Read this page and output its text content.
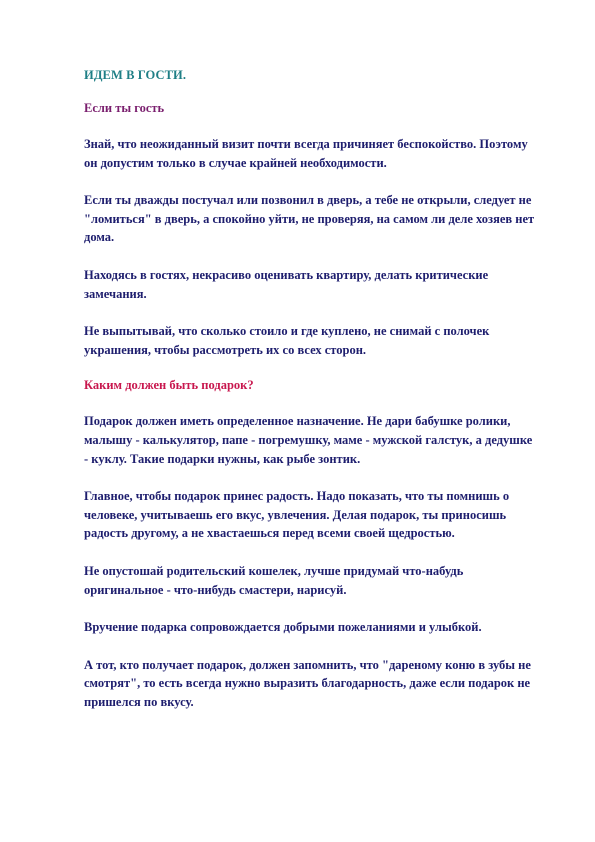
ИДЕМ В ГОСТИ.
Если ты гость

Знай, что неожиданный визит почти всегда причиняет беспокойство. Поэтому он допустим только в случае крайней необходимости.

Если ты дважды постучал или позвонил в дверь, а тебе не открыли, следует не "ломиться" в дверь, а спокойно уйти, не проверяя, на самом ли деле хозяев нет дома.

Находясь в гостях, некрасиво оценивать квартиру, делать критические замечания.

Не выпытывай, что сколько стоило и где куплено, не снимай с полочек украшения, чтобы рассмотреть их со всех сторон.

Каким должен быть подарок?

Подарок должен иметь определенное назначение. Не дари бабушке ролики, малышу - калькулятор, папе - погремушку, маме - мужской галстук, а дедушке - куклу. Такие подарки нужны, как рыбе зонтик.

Главное, чтобы подарок принес радость. Надо показать, что ты помнишь о человеке, учитываешь его вкус, увлечения. Делая подарок, ты приносишь радость другому, а не хвастаешься перед всеми своей щедростью.

Не опустошай родительский кошелек, лучше придумай что-набудь оригинальное - что-нибудь смастери, нарисуй.

Вручение подарка сопровождается добрыми пожеланиями и улыбкой.

А тот, кто получает подарок, должен запомнить, что "дареному коню в зубы не смотрят", то есть всегда нужно выразить благодарность, даже если подарок не пришелся по вкусу.
